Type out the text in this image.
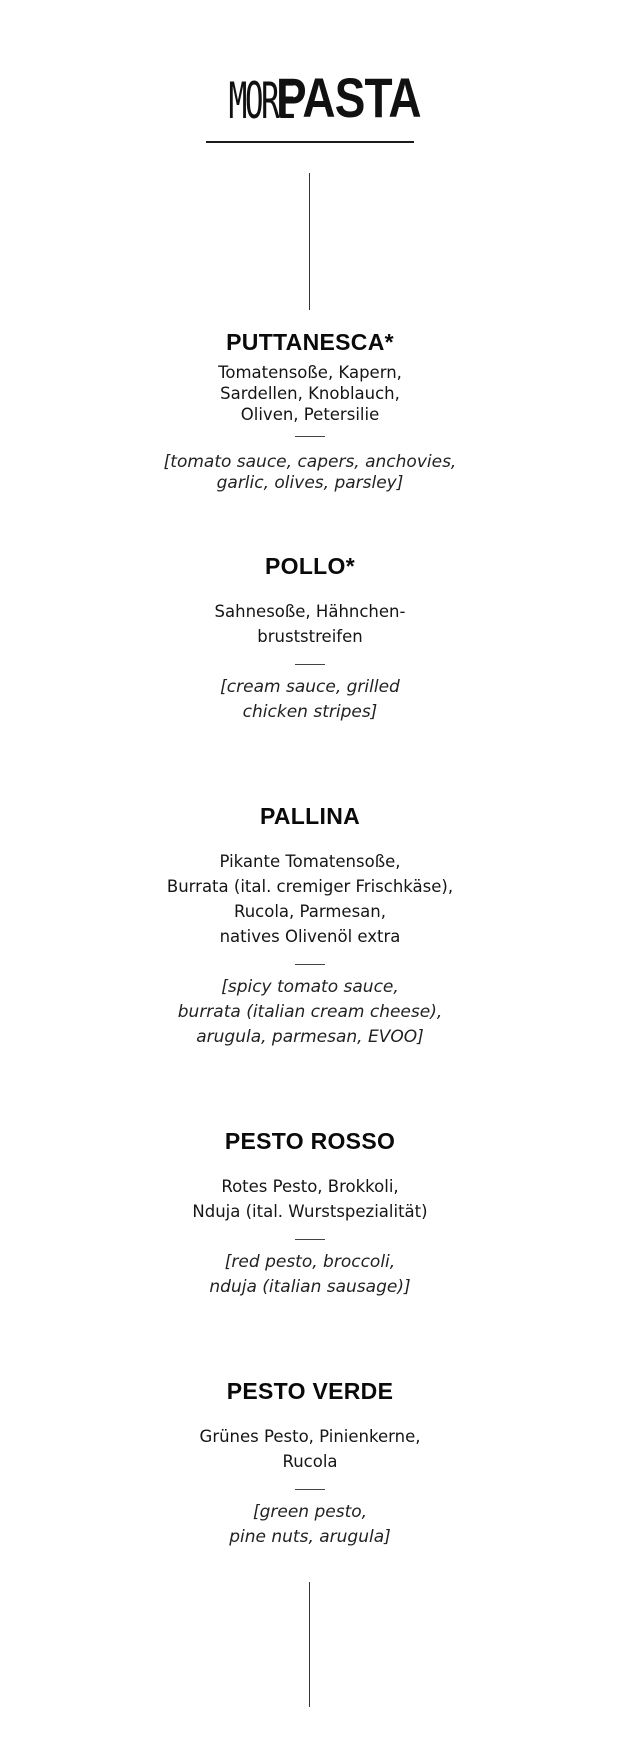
MORE PASTA
PUTTANESCA*
Tomatensoße, Kapern,
Sardellen, Knoblauch,
Oliven, Petersilie
[tomato sauce, capers, anchovies,
garlic, olives, parsley]
POLLO*
Sahnesoße, Hähnchen-
bruststreifen
[cream sauce, grilled
chicken stripes]
PALLINA
Pikante Tomatensoße,
Burrata (ital. cremiger Frischkäse),
Rucola, Parmesan,
natives Olivenöl extra
[spicy tomato sauce,
burrata (italian cream cheese),
arugula, parmesan, EVOO]
PESTO ROSSO
Rotes Pesto, Brokkoli,
Nduja (ital. Wurstspezialität)
[red pesto, broccoli,
nduja (italian sausage)]
PESTO VERDE
Grünes Pesto, Pinienkerne,
Rucola
[green pesto,
pine nuts, arugula]
